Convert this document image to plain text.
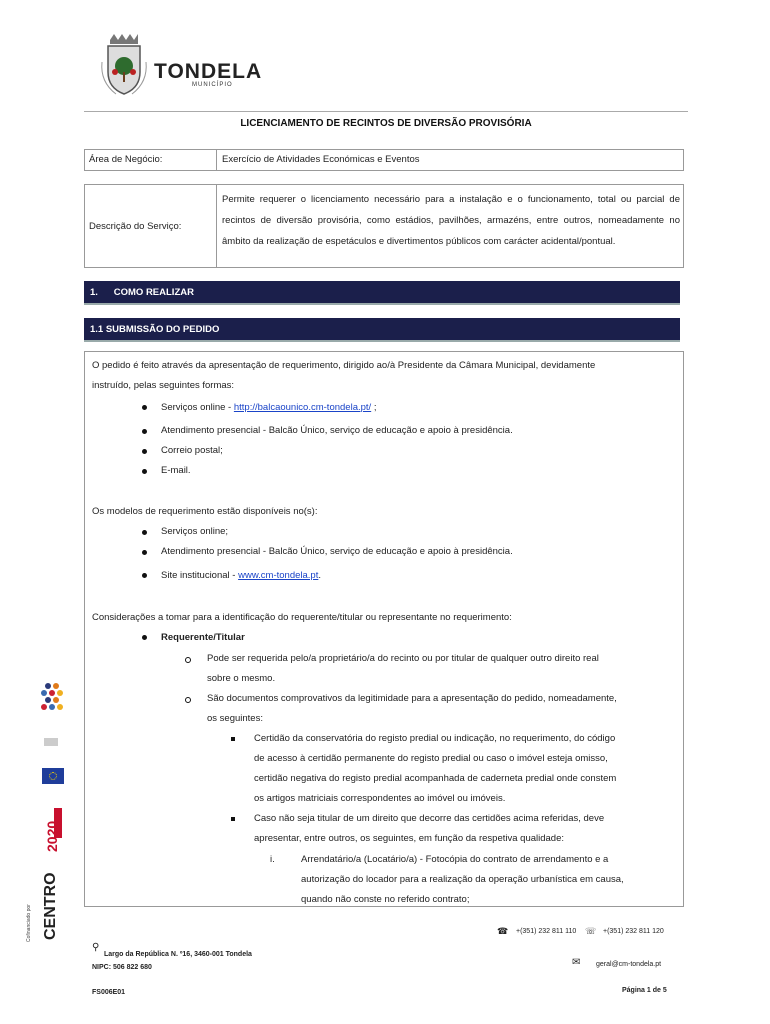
TONDELA
MUNICÍPIO
LICENCIAMENTO DE RECINTOS DE DIVERSÃO PROVISÓRIA
Área de Negócio:	Exercício de Atividades Económicas e Eventos
Descrição do Serviço:
Permite requerer o licenciamento necessário para a instalação e o funcionamento, total ou parcial de recintos de diversão provisória, como estádios, pavilhões, armazéns, entre outros, nomeadamente no âmbito da realização de espetáculos e divertimentos públicos com carácter acidental/pontual.
1.      COMO REALIZAR
1.1 SUBMISSÃO DO PEDIDO
O pedido é feito através da apresentação de requerimento, dirigido ao/à Presidente da Câmara Municipal, devidamente
instruído, pelas seguintes formas:
Serviços online - http://balcaounico.cm-tondela.pt/ ;
Atendimento presencial - Balcão Único, serviço de educação e apoio à presidência.
Correio postal;
E-mail.
Os modelos de requerimento estão disponíveis no(s):
Serviços online;
Atendimento presencial - Balcão Único, serviço de educação e apoio à presidência.
Site institucional - www.cm-tondela.pt.
Considerações a tomar para a identificação do requerente/titular ou representante no requerimento:
Requerente/Titular
Pode ser requerida pelo/a proprietário/a do recinto ou por titular de qualquer outro direito real
sobre o mesmo.
São documentos comprovativos da legitimidade para a apresentação do pedido, nomeadamente,
os seguintes:
Certidão da conservatória do registo predial ou indicação, no requerimento, do código
de acesso à certidão permanente do registo predial ou caso o imóvel esteja omisso,
certidão negativa do registo predial acompanhada de caderneta predial onde constem
os artigos matriciais correspondentes ao imóvel ou imóveis.
Caso não seja titular de um direito que decorre das certidões acima referidas, deve
apresentar, entre outros, os seguintes, em função da respetiva qualidade:
i.	Arrendatário/a (Locatário/a) - Fotocópia do contrato de arrendamento e a
autorização do locador para a realização da operação urbanística em causa,
quando não conste no referido contrato;
2020
CENTRO
Cofinanciado por	☎ +(351) 232 811 110 ☏ +(351) 232 811 120
⚲
Largo da República N. º16, 3460-001 Tondela
NIPC: 506 822 680	✉ geral@cm-tondela.pt
FS006E01	Página 1 de 5
